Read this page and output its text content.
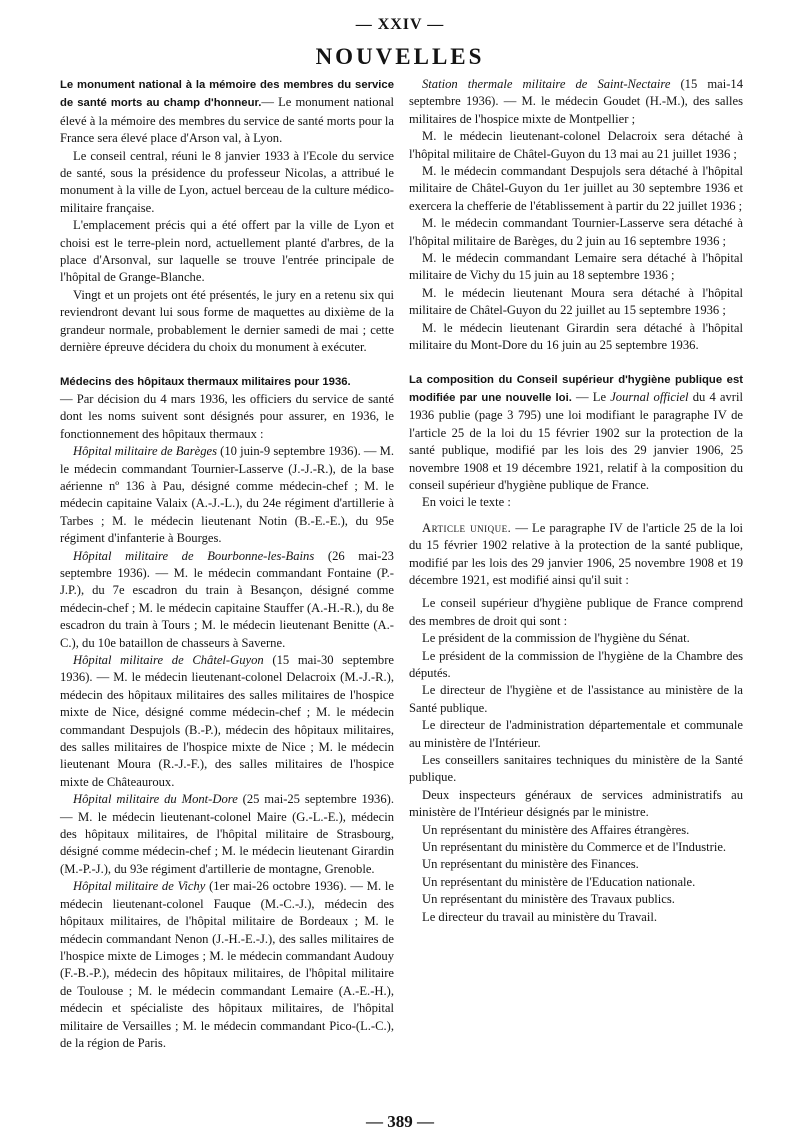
— XXIV —
NOUVELLES

Le monument national à la mémoire des membres du service de santé morts au champ d'honneur.— Le monument national élevé à la mémoire des membres du service de santé morts pour la France sera élevé place d'Arson val, à Lyon.

Le conseil central, réuni le 8 janvier 1933 à l'Ecole du service de santé, sous la présidence du professeur Nicolas, a attribué le monument à la ville de Lyon, actuel berceau de la culture médico-militaire française.

L'emplacement précis qui a été offert par la ville de Lyon et choisi est le terre-plein nord, actuellement planté d'arbres, de la place d'Arsonval, sur laquelle se trouve l'entrée principale de l'hôpital de Grange-Blanche.

Vingt et un projets ont été présentés, le jury en a retenu six qui reviendront devant lui sous forme de maquettes au dixième de la grandeur normale, probablement le dernier samedi de mai ; cette dernière épreuve décidera du choix du monument à exécuter.

Médecins des hôpitaux thermaux militaires pour 1936.
— Par décision du 4 mars 1936, les officiers du service de santé dont les noms suivent sont désignés pour assurer, en 1936, le fonctionnement des hôpitaux thermaux :

Hôpital militaire de Barèges (10 juin-9 septembre 1936). — M. le médecin commandant Tournier-Lasserve (J.-J.-R.), de la base aérienne nº 136 à Pau, désigné comme médecin-chef ; M. le médecin capitaine Valaix (A.-J.-L.), du 24e régiment d'artillerie à Tarbes ; M. le médecin lieutenant Notin (B.-E.-E.), du 95e régiment d'infanterie à Bourges.

Hôpital militaire de Bourbonne-les-Bains (26 mai-23 septembre 1936). — M. le médecin commandant Fontaine (P.-J.P.), du 7e escadron du train à Besançon, désigné comme médecin-chef ; M. le médecin capitaine Stauffer (A.-H.-R.), du 8e escadron du train à Tours ; M. le médecin lieutenant Benitte (A.-C.), du 10e bataillon de chasseurs à Saverne.

Hôpital militaire de Châtel-Guyon (15 mai-30 septembre 1936). — M. le médecin lieutenant-colonel Delacroix (M.-J.-R.), médecin des hôpitaux militaires des salles militaires de l'hospice mixte de Nice, désigné comme médecin-chef ; M. le médecin commandant Despujols (B.-P.), médecin des hôpitaux militaires, des salles militaires de l'hospice mixte de Nice ; M. le médecin lieutenant Moura (R.-J.-F.), des salles militaires de l'hospice mixte de Châteauroux.

Hôpital militaire du Mont-Dore (25 mai-25 septembre 1936). — M. le médecin lieutenant-colonel Maire (G.-L.-E.), médecin des hôpitaux militaires, de l'hôpital militaire de Strasbourg, désigné comme médecin-chef ; M. le médecin lieutenant Girardin (M.-P.-J.), du 93e régiment d'artillerie de montagne, Grenoble.

Hôpital militaire de Vichy (1er mai-26 octobre 1936). — M. le médecin lieutenant-colonel Fauque (M.-C.-J.), médecin des hôpitaux militaires, de l'hôpital militaire de Bordeaux ; M. le médecin commandant Nenon (J.-H.-E.-J.), des salles militaires de l'hospice mixte de Limoges ; M. le médecin commandant Audouy (F.-B.-P.), médecin des hôpitaux militaires, de l'hôpital militaire de Toulouse ; M. le médecin commandant Lemaire (A.-E.-H.), médecin et spécialiste des hôpitaux militaires, de l'hôpital militaire de Versailles ; M. le médecin commandant Pico-(L.-C.), de la région de Paris.

Station thermale militaire de Saint-Nectaire (15 mai-14 septembre 1936). — M. le médecin Goudet (H.-M.), des salles militaires de l'hospice mixte de Montpellier ;

M. le médecin lieutenant-colonel Delacroix sera détaché à l'hôpital militaire de Châtel-Guyon du 13 mai au 21 juillet 1936 ;

M. le médecin commandant Despujols sera détaché à l'hôpital militaire de Châtel-Guyon du 1er juillet au 30 septembre 1936 et exercera la chefferie de l'établissement à partir du 22 juillet 1936 ;

M. le médecin commandant Tournier-Lasserve sera détaché à l'hôpital militaire de Barèges, du 2 juin au 16 septembre 1936 ;

M. le médecin commandant Lemaire sera détaché à l'hôpital militaire de Vichy du 15 juin au 18 septembre 1936 ;

M. le médecin lieutenant Moura sera détaché à l'hôpital militaire de Châtel-Guyon du 22 juillet au 15 septembre 1936 ;

M. le médecin lieutenant Girardin sera détaché à l'hôpital militaire du Mont-Dore du 16 juin au 25 septembre 1936.

La composition du Conseil supérieur d'hygiène publique est modifiée par une nouvelle loi. — Le Journal officiel du 4 avril 1936 publie (page 3 795) une loi modifiant le paragraphe IV de l'article 25 de la loi du 15 février 1902 sur la protection de la santé publique, modifié par les lois des 29 janvier 1906, 25 novembre 1908 et 19 décembre 1921, relatif à la composition du conseil supérieur d'hygiène publique de France.

En voici le texte :

Article unique. — Le paragraphe IV de l'article 25 de la loi du 15 février 1902 relative à la protection de la santé publique, modifié par les lois des 29 janvier 1906, 25 novembre 1908 et 19 décembre 1921, est modifié ainsi qu'il suit :

Le conseil supérieur d'hygiène publique de France comprend des membres de droit qui sont :

Le président de la commission de l'hygiène du Sénat.

Le président de la commission de l'hygiène de la Chambre des députés.

Le directeur de l'hygiène et de l'assistance au ministère de la Santé publique.

Le directeur de l'administration départementale et communale au ministère de l'Intérieur.

Les conseillers sanitaires techniques du ministère de la Santé publique.

Deux inspecteurs généraux de services administratifs au ministère de l'Intérieur désignés par le ministre.

Un représentant du ministère des Affaires étrangères.

Un représentant du ministère du Commerce et de l'Industrie.

Un représentant du ministère des Finances.

Un représentant du ministère de l'Education nationale.

Un représentant du ministère des Travaux publics.

Le directeur du travail au ministère du Travail.

— 389 —
